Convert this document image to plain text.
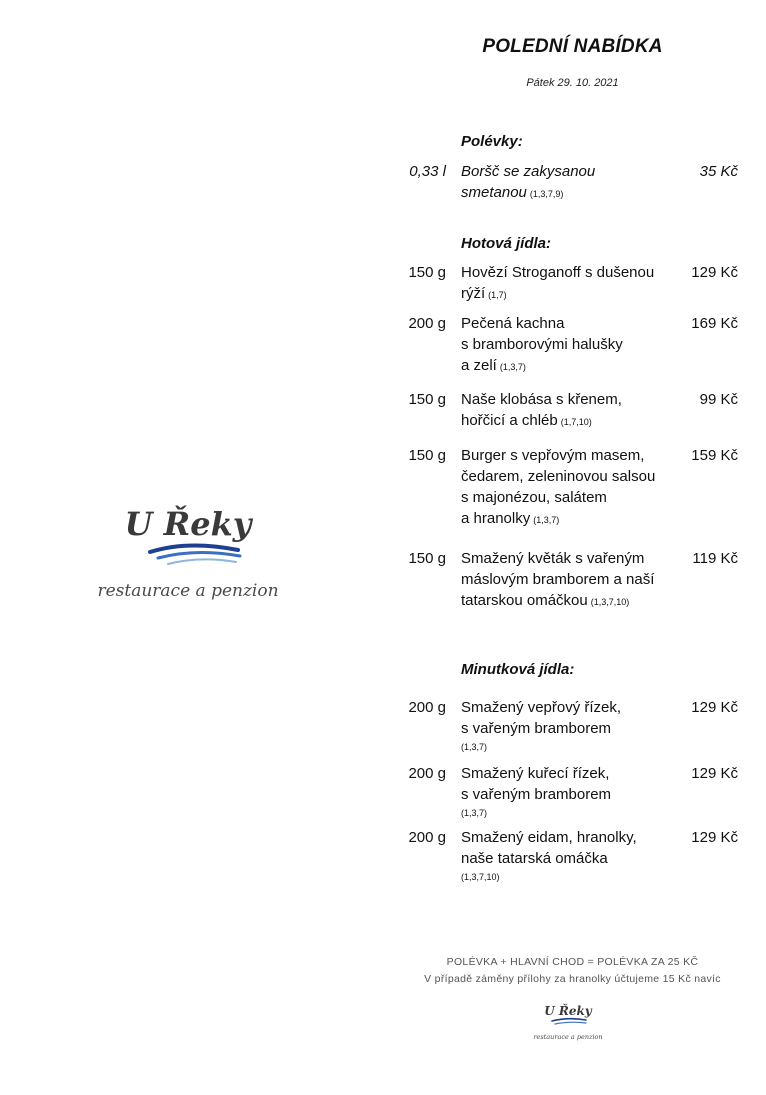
U Řeky
restaurace a penzion
POLEDNÍ NABÍDKA
Pátek 29. 10. 2021
Polévky:
0,33 l Boršč se zakysanou
smetanou (1,3,7,9)
35 Kč
Hotová jídla:
150 g Hovězí Stroganoff s dušenou
rýží (1,7)
129 Kč
200 g Pečená kachna
s bramborovými halušky
a zelí (1,3,7)
169 Kč
150 g Naše klobása s křenem,
hořčicí a chléb (1,7,10)
99 Kč
150 g Burger s vepřovým masem,
čedarem, zeleninovou salsou
s majonézou, salátem
a hranolky (1,3,7)
159 Kč
150 g Smažený květák s vařeným
máslovým bramborem a naší
tatarskou omáčkou (1,3,7,10)
119 Kč
Minutková jídla:
200 g Smažený vepřový řízek,
s vařeným bramborem
(1,3,7)
129 Kč
200 g Smažený kuřecí řízek,
s vařeným bramborem
(1,3,7)
129 Kč
200 g Smažený eidam, hranolky,
naše tatarská omáčka
(1,3,7,10)
129 Kč
POLÉVKA + HLAVNÍ CHOD = POLÉVKA ZA 25 KČ
V případě záměny přílohy za hranolky účtujeme 15 Kč navíc
U Řeky
restaurace a penzion
